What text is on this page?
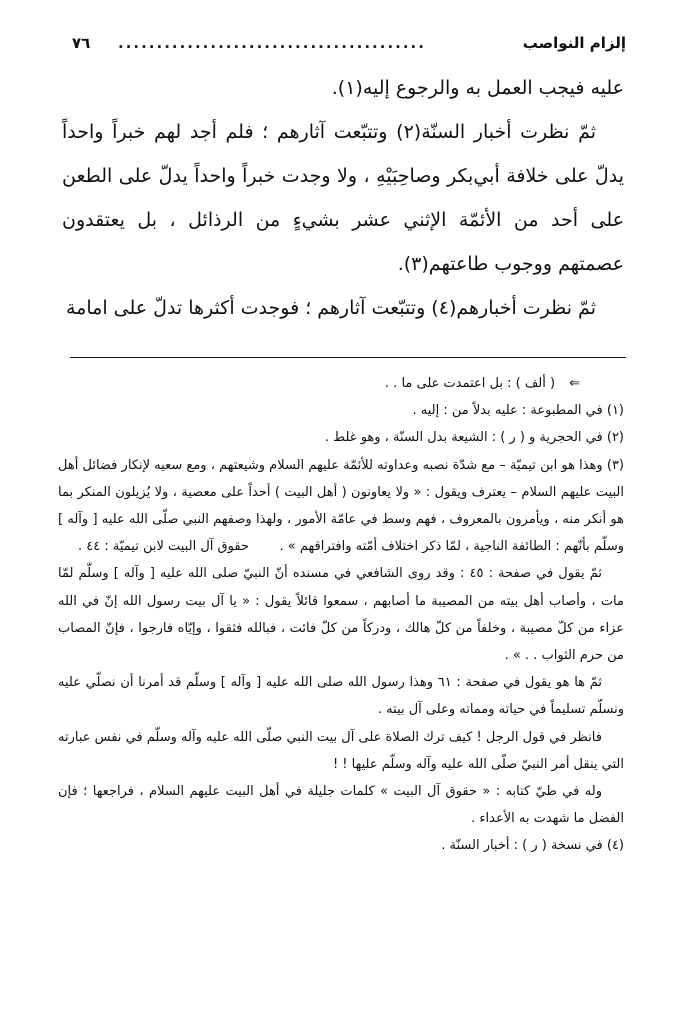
٧٦ ........................................	إلزام النواصب

عليه فيجب العمل به والرجوع إليه(١).

ثمّ نظرت أخبار السنّة(٢) وتتبّعت آثارهم ؛ فلم أجد لهم خبراً واحداً يدلّ على خلافة أبي‌بكر وصاحِبَيْهِ ، ولا وجدت خبراً واحداً يدلّ على الطعن على أحد من الأئمّة الإثني عشر بشيءٍ من الرذائل ، بل يعتقدون عصمتهم ووجوب طاعتهم(٣).

ثمّ نظرت أخبارهم(٤) وتتبّعت آثارهم ؛ فوجدت أكثرها تدلّ على امامة

⇐( ألف ) : بل اعتمدت على ما . .

(١) في المطبوعة : عليه بدلاً من : إليه .

(٢) في الحجرية و ( ر ) : الشيعة بدل السنّة ، وهو غلط .

(٣) وهذا هو ابن تيميّة – مع شدّة نصبه وعداوته للأئمّة عليهم السلام وشيعتهم ، ومع سعيه لإنكار فضائل أهل البيت عليهم السلام – يعترف ويقول : « ولا يعاونون ( أهل البيت ) أحداً على معصية ، ولا يُزيلون المنكر بما هو أنكر منه ، ويأمرون بالمعروف ، فهم وسط في عامّة الأمور ، ولهذا وصفهم النبي صلّى الله عليه [ وآله ] وسلّم بأنّهم : الطائفة الناجية ، لمّا ذكر اختلاف أمّته وافتراقهم » .
حقوق آل البيت لابن تيميّة : ٤٤ .

ثمّ يقول في صفحة : ٤٥ : وقد روى الشافعي في مسنده أنّ النبيّ صلى الله عليه [ وآله ] وسلّم لمّا مات ، وأصاب أهل بيته من المصيبة ما أصابهم ، سمعوا قائلاً يقول : « يا آل بيت رسول الله إنّ في الله عزاء من كلّ مصيبة ، وخلفاً من كلّ هالك ، ودركاً من كلّ فائت ، فبالله فثقوا ، وإيّاه فارجوا ، فإنّ المصاب من حرم الثواب . . » .

ثمّ ها هو يقول في صفحة : ٦١ وهذا رسول الله صلى الله عليه [ وآله ] وسلّم قد أمرنا أن نصلّي عليه ونسلّم تسليماً في حياته ومماته وعلى آل بيته .

فانظر في قول الرجل ! كيف ترك الصلاة على آل بيت النبي صلّى الله عليه وآله وسلّم في نفس عبارته التي ينقل أمر النبيّ صلّى الله عليه وآله وسلّم عليها ! !

وله في طيّ كتابه : « حقوق آل البيت » كلمات جليلة في أهل البيت عليهم السلام ، فراجعها ؛ فإن الفضل ما شهدت به الأعداء .

(٤) في نسخة ( ر ) : أخبار السنّة .
